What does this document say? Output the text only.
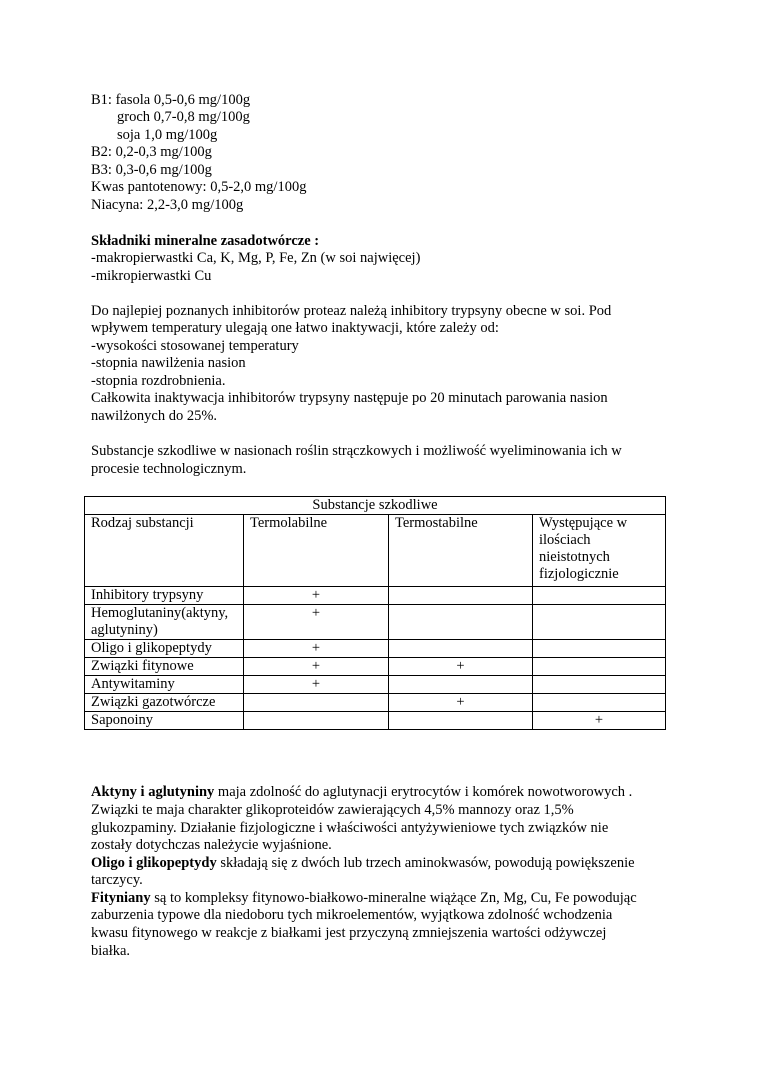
B1: fasola 0,5-0,6 mg/100g
groch 0,7-0,8 mg/100g
soja 1,0 mg/100g
B2: 0,2-0,3 mg/100g
B3: 0,3-0,6 mg/100g
Kwas pantotenowy: 0,5-2,0 mg/100g
Niacyna: 2,2-3,0 mg/100g
Składniki mineralne zasadotwórcze :
-makropierwastki Ca, K, Mg, P, Fe, Zn (w soi najwięcej)
-mikropierwastki Cu
Do najlepiej poznanych inhibitorów proteaz należą inhibitory trypsyny obecne w soi. Pod
wpływem temperatury ulegają one łatwo inaktywacji, które zależy od:
-wysokości stosowanej temperatury
-stopnia nawilżenia nasion
-stopnia rozdrobnienia.
Całkowita inaktywacja inhibitorów trypsyny następuje po 20 minutach parowania nasion
nawilżonych do 25%.
Substancje szkodliwe w nasionach roślin strączkowych i możliwość wyeliminowania ich w
procesie technologicznym.
Substancje szkodliwe			
Rodzaj substancji	Termolabilne	Termostabilne	Występujące w ilościach nieistotnych fizjologicznie
Inhibitory trypsyny	+		
Hemoglutaniny(aktyny, aglutyniny)	+		
Oligo i glikopeptydy	+		
Związki fitynowe	+	+	
Antywitaminy	+		
Związki gazotwórcze		+	
Saponoiny			+
Aktyny i aglutyniny maja zdolność do aglutynacji erytrocytów i komórek nowotworowych .
Związki te maja charakter glikoproteidów zawierających 4,5% mannozy oraz 1,5%
glukozpaminy. Działanie fizjologiczne i właściwości antyżywieniowe tych związków nie
zostały dotychczas należycie wyjaśnione.
Oligo i glikopeptydy składają się z dwóch lub trzech aminokwasów, powodują powiększenie
tarczycy.
Fityniany są to kompleksy fitynowo-białkowo-mineralne wiążące Zn, Mg, Cu, Fe powodując
zaburzenia typowe dla niedoboru tych mikroelementów, wyjątkowa zdolność wchodzenia
kwasu fitynowego w reakcje z białkami jest przyczyną zmniejszenia wartości odżywczej
białka.
